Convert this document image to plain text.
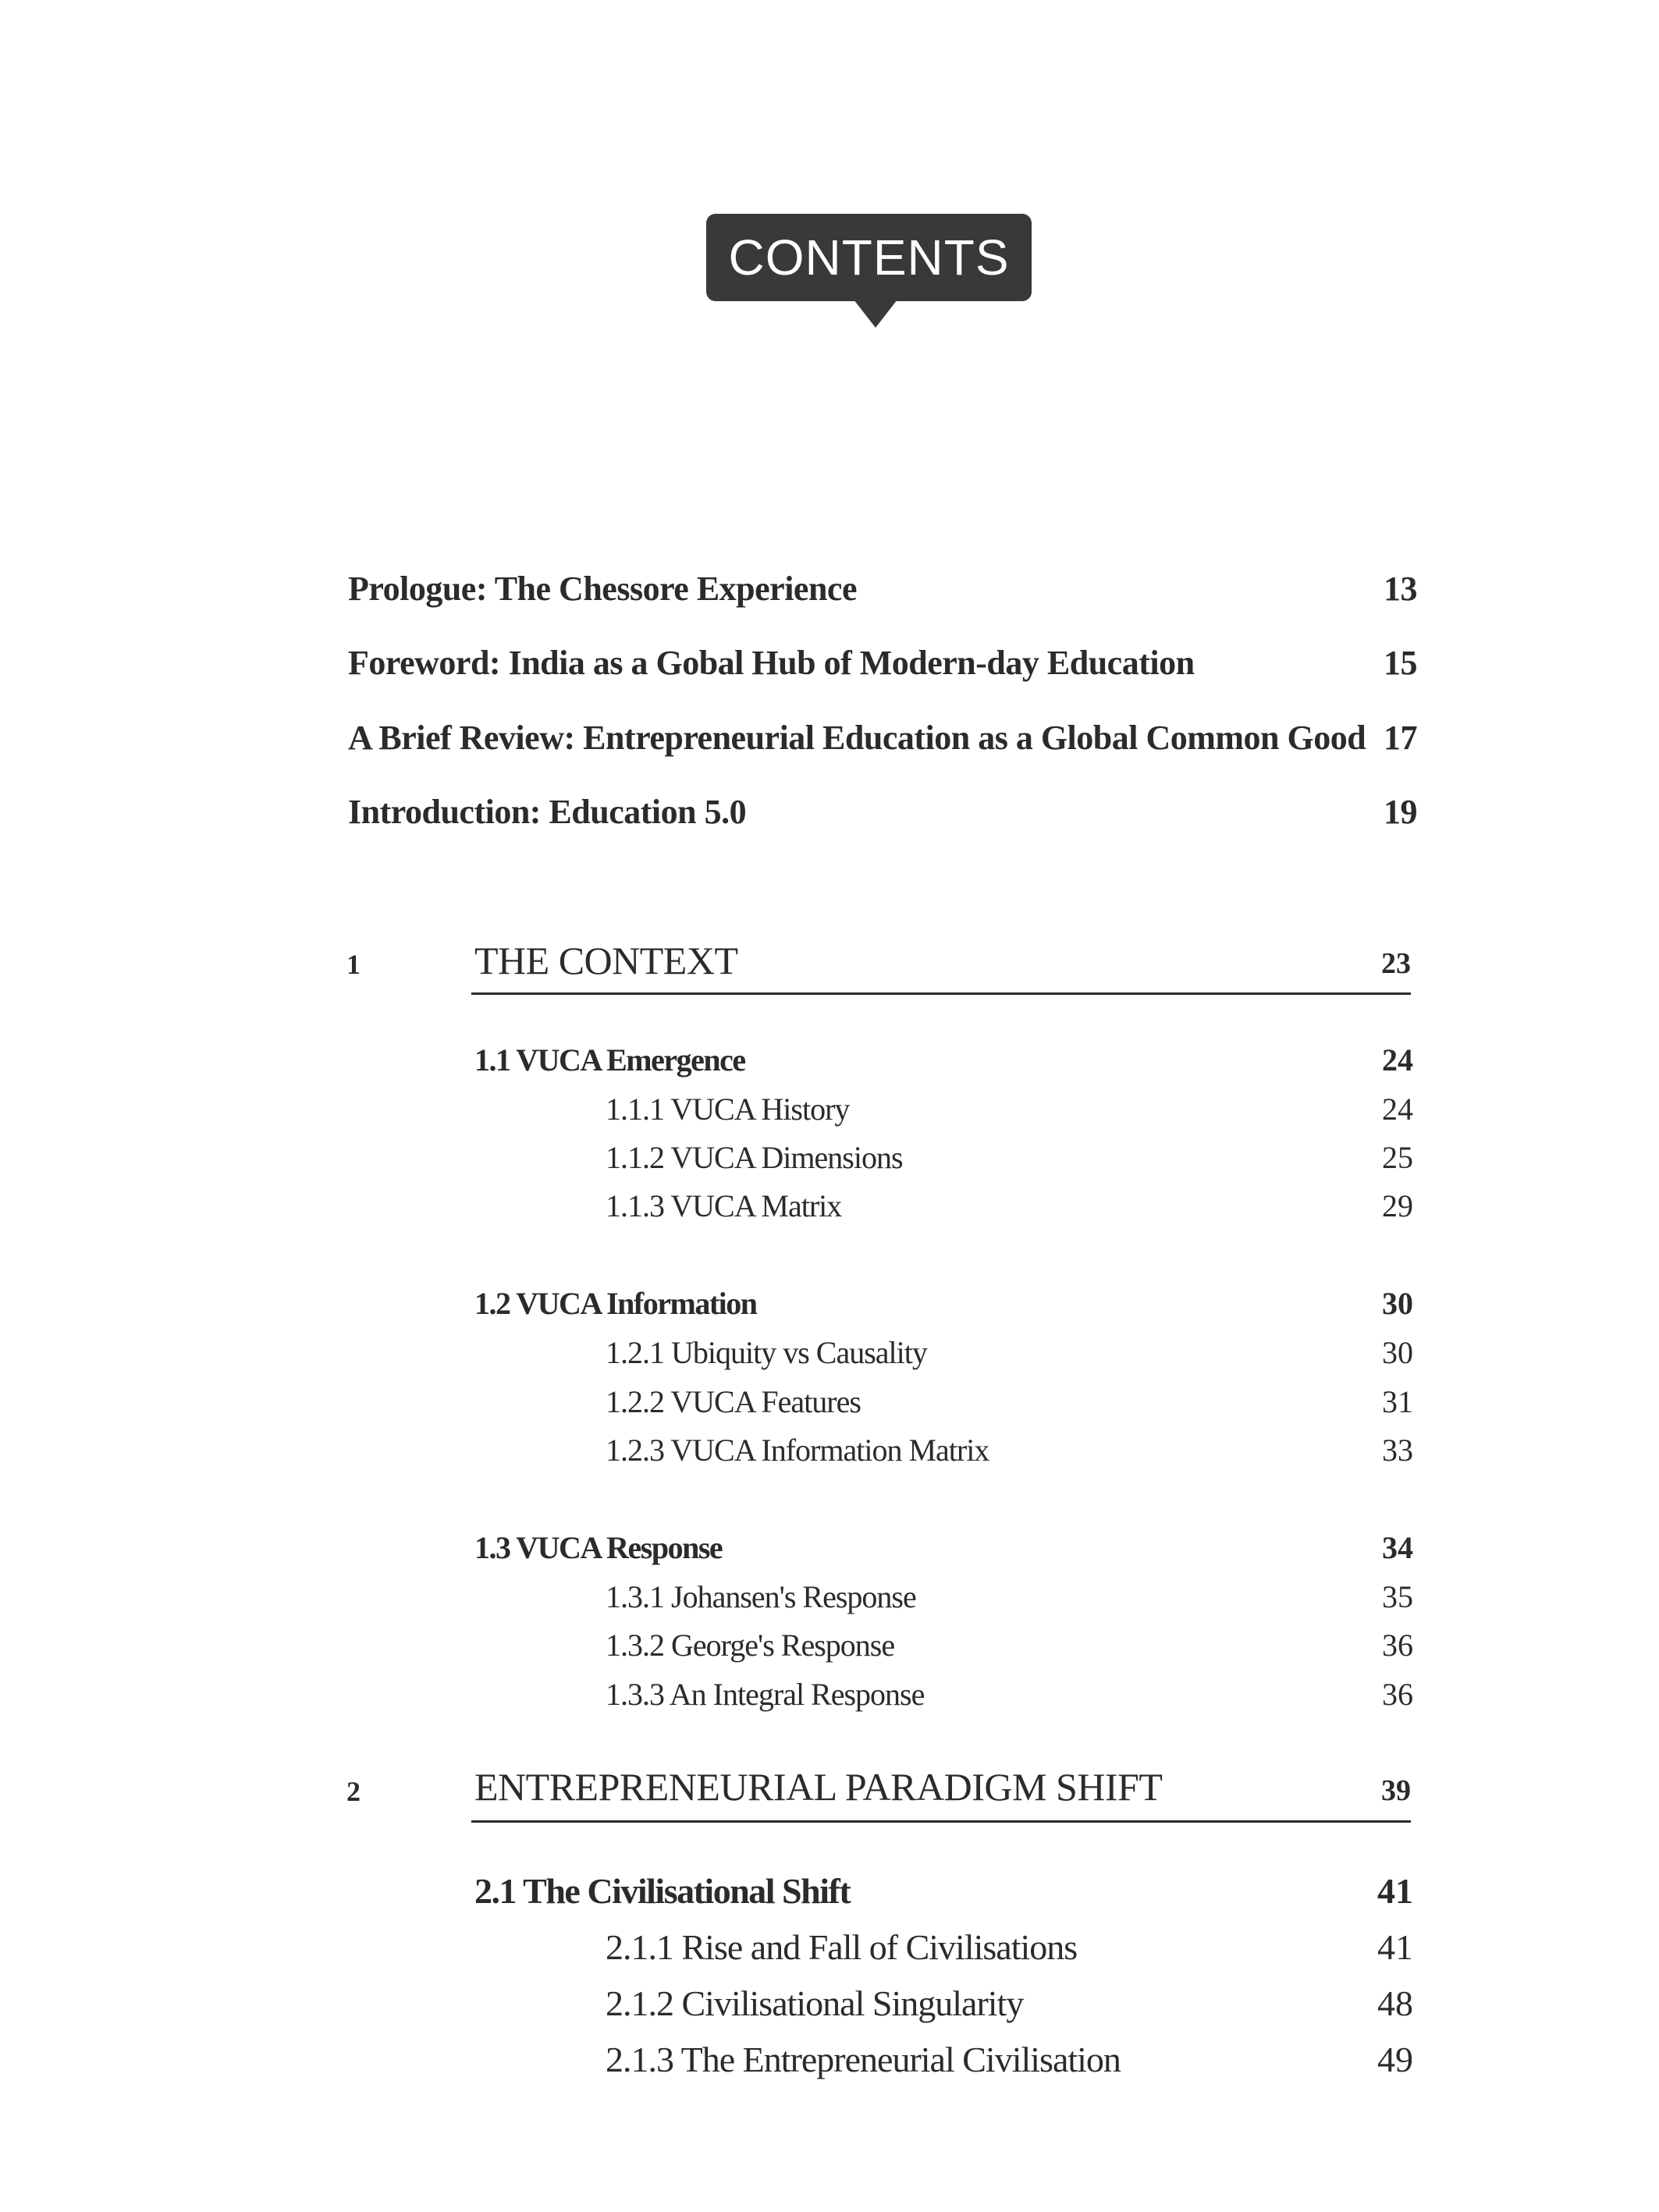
CONTENTS
Prologue: The Chessore Experience	13
Foreword: India as a Gobal Hub of Modern-day Education	15
A Brief Review: Entrepreneurial Education as a Global Common Good 17
Introduction: Education 5.0	19
1	THE CONTEXT	23
1.1 VUCA Emergence	24
1.1.1 VUCA History	24
1.1.2 VUCA Dimensions	25
1.1.3 VUCA Matrix	29
1.2 VUCA Information	30
1.2.1 Ubiquity vs Causality	30
1.2.2 VUCA Features	31
1.2.3 VUCA Information Matrix	33
1.3 VUCA Response	34
1.3.1 Johansen's Response	35
1.3.2 George's Response	36
1.3.3 An Integral Response	36
2	ENTREPRENEURIAL PARADIGM SHIFT	39
2.1 The Civilisational Shift	41
2.1.1 Rise and Fall of Civilisations	41
2.1.2 Civilisational Singularity	48
2.1.3 The Entrepreneurial Civilisation	49
